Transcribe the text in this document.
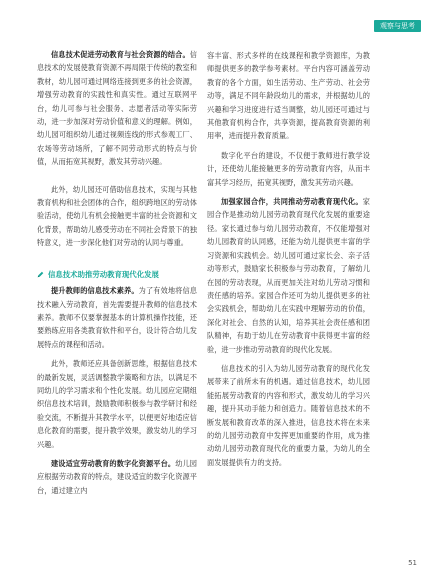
观察与思考

信息技术促进劳动教育与社会资源的结合。信息技术的发展使教育资源不再局限于传统的教室和教材，幼儿园可通过网络连接到更多的社会资源，增强劳动教育的实践性和真实性。通过互联网平台，幼儿可参与社会服务、志愿者活动等实际劳动，进一步加深对劳动价值和意义的理解。例如，幼儿园可组织幼儿通过视频连线的形式参观工厂、农场等劳动场所，了解不同劳动形式的特点与价值，从而拓宽其视野，激发其劳动兴趣。

此外，幼儿园还可借助信息技术，实现与其他教育机构和社会团体的合作，组织跨地区的劳动体验活动，使幼儿有机会接触更丰富的社会资源和文化背景，帮助幼儿感受劳动在不同社会背景下的独特意义，进一步深化他们对劳动的认同与尊重。

信息技术助推劳动教育现代化发展

提升教师的信息技术素养。为了有效地将信息技术融入劳动教育，首先需要提升教师的信息技术素养。教师不仅要掌握基本的计算机操作技能，还要熟练应用各类教育软件和平台，设计符合幼儿发展特点的课程和活动。

此外，教师还应具备创新思维，根据信息技术的最新发展，灵活调整教学策略和方法，以满足不同幼儿的学习需求和个性化发展。幼儿园应定期组织信息技术培训，鼓励教师积极参与教学研讨和经验交流，不断提升其教学水平，以便更好地适应信息化教育的需要，提升教学效果，激发幼儿的学习兴趣。

建设适宜劳动教育的数字化资源平台。幼儿园应根据劳动教育的特点，建设适宜的数字化资源平台，通过建立内

容丰富、形式多样的在线课程和教学资源库，为教师提供更多的教学参考素材。平台内容可涵盖劳动教育的各个方面，如生活劳动、生产劳动、社会劳动等，满足不同年龄段幼儿的需求，并根据幼儿的兴趣和学习进度进行适当调整，幼儿园还可通过与其他教育机构合作，共享资源，提高教育资源的利用率，进而提升教育质量。

数字化平台的建设，不仅便于教师进行教学设计，还使幼儿能接触更多的劳动教育内容，从而丰富其学习经历，拓宽其视野，激发其劳动兴趣。

加强家园合作，共同推动劳动教育现代化。家园合作是推动幼儿园劳动教育现代化发展的重要途径。家长通过参与幼儿园劳动教育，不仅能增强对幼儿园教育的认同感，还能为幼儿提供更丰富的学习资源和实践机会。幼儿园可通过家长会、亲子活动等形式，鼓励家长积极参与劳动教育，了解幼儿在园的劳动表现，从而更加关注对幼儿劳动习惯和责任感的培养。家园合作还可为幼儿提供更多的社会实践机会，帮助幼儿在实践中理解劳动的价值，深化对社会、自然的认知，培养其社会责任感和团队精神，有助于幼儿在劳动教育中获得更丰富的经验，进一步推动劳动教育的现代化发展。

信息技术的引入为幼儿园劳动教育的现代化发展带来了前所未有的机遇。通过信息技术，幼儿园能拓展劳动教育的内容和形式，激发幼儿的学习兴趣，提升其动手能力和创造力。随着信息技术的不断发展和教育改革的深入推进，信息技术将在未来的幼儿园劳动教育中发挥更加重要的作用，成为推动幼儿园劳动教育现代化的重要力量，为幼儿的全面发展提供有力的支持。

51
